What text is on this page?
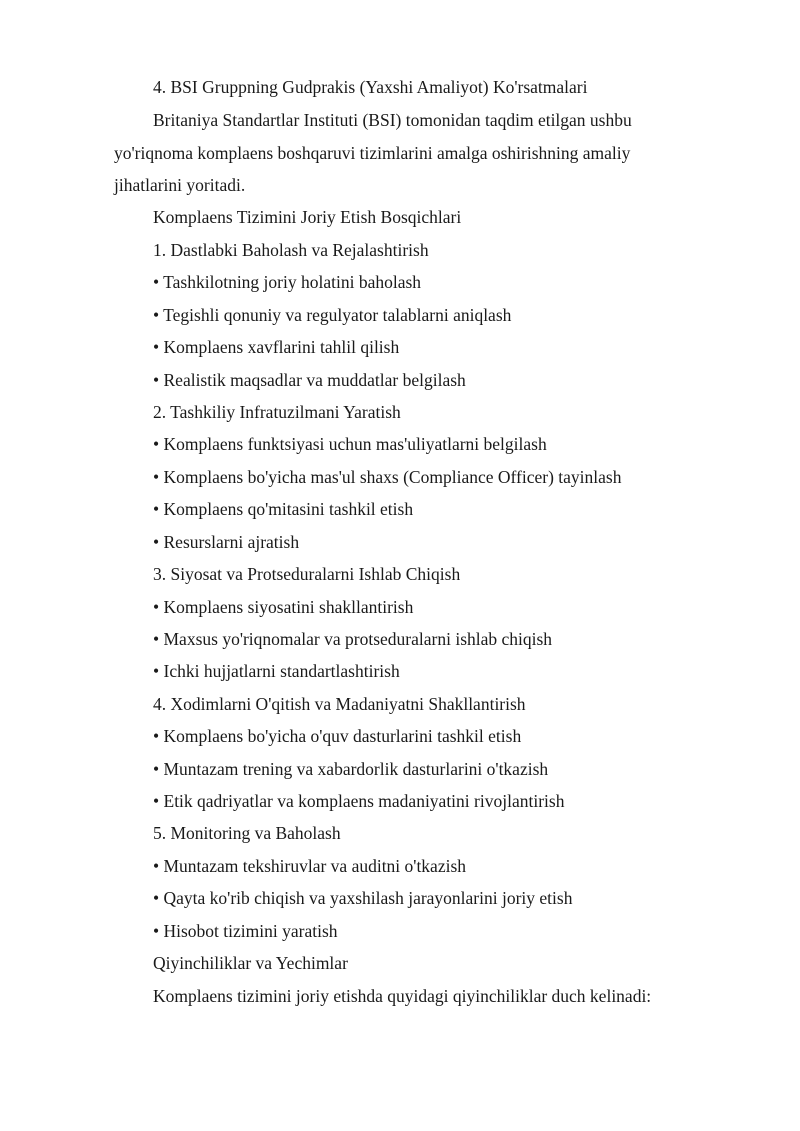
4. BSI Gruppning Gudprakis (Yaxshi Amaliyot) Ko'rsatmalari
Britaniya Standartlar Instituti (BSI) tomonidan taqdim etilgan ushbu
yo'riqnoma komplaens boshqaruvi tizimlarini amalga oshirishning amaliy
jihatlarini yoritadi.
Komplaens Tizimini Joriy Etish Bosqichlari
1. Dastlabki Baholash va Rejalashtirish
• Tashkilotning joriy holatini baholash
• Tegishli qonuniy va regulyator talablarni aniqlash
• Komplaens xavflarini tahlil qilish
• Realistik maqsadlar va muddatlar belgilash
2. Tashkiliy Infratuzilmani Yaratish
• Komplaens funktsiyasi uchun mas'uliyatlarni belgilash
• Komplaens bo'yicha mas'ul shaxs (Compliance Officer) tayinlash
• Komplaens qo'mitasini tashkil etish
• Resurslarni ajratish
3. Siyosat va Protseduralarni Ishlab Chiqish
• Komplaens siyosatini shakllantirish
• Maxsus yo'riqnomalar va protseduralarni ishlab chiqish
• Ichki hujjatlarni standartlashtirish
4. Xodimlarni O'qitish va Madaniyatni Shakllantirish
• Komplaens bo'yicha o'quv dasturlarini tashkil etish
• Muntazam trening va xabardorlik dasturlarini o'tkazish
• Etik qadriyatlar va komplaens madaniyatini rivojlantirish
5. Monitoring va Baholash
• Muntazam tekshiruvlar va auditni o'tkazish
• Qayta ko'rib chiqish va yaxshilash jarayonlarini joriy etish
• Hisobot tizimini yaratish
Qiyinchiliklar va Yechimlar
Komplaens tizimini joriy etishda quyidagi qiyinchiliklar duch kelinadi:
